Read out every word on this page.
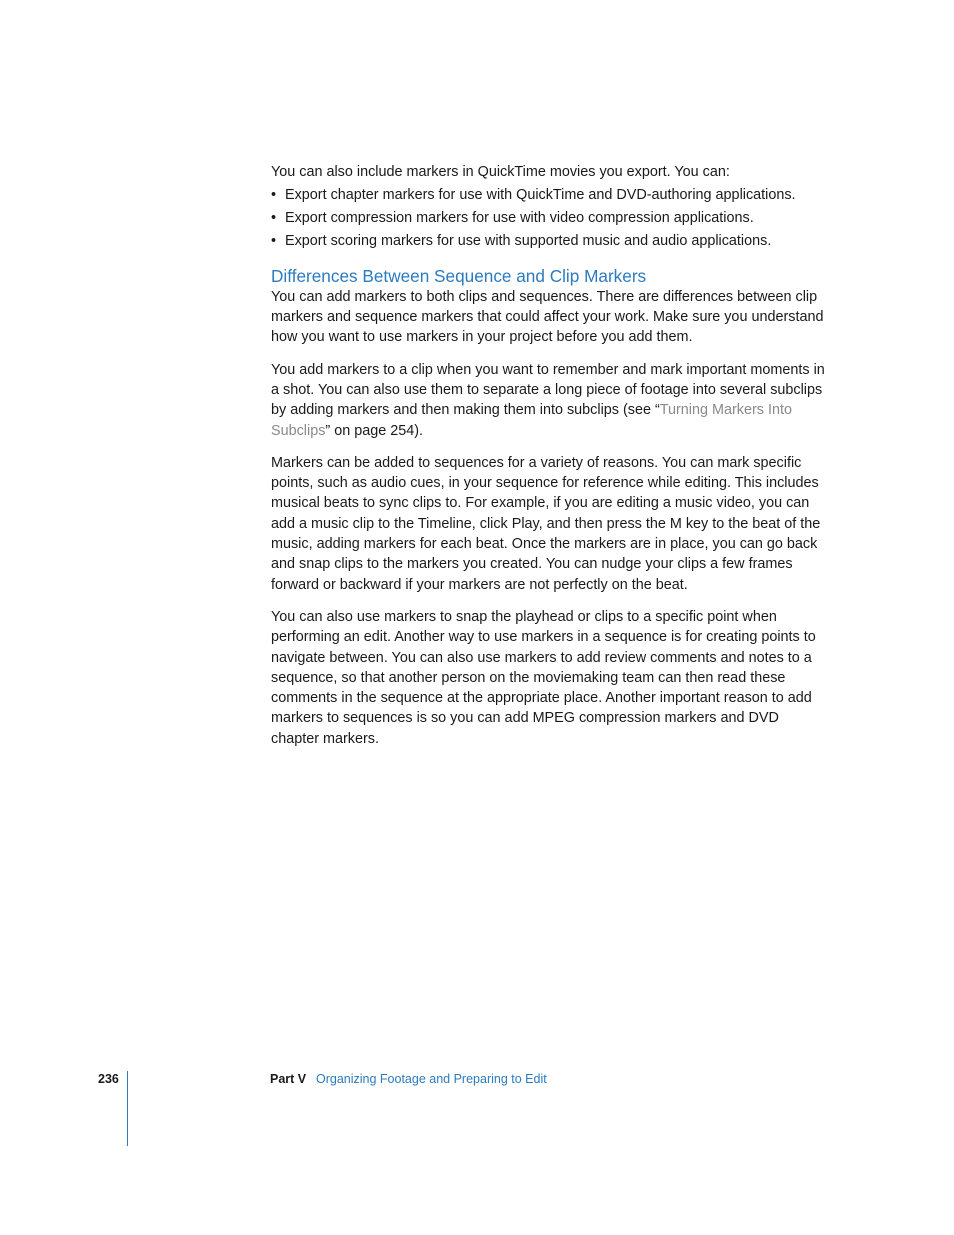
You can also include markers in QuickTime movies you export. You can:

• Export chapter markers for use with QuickTime and DVD-authoring applications.
• Export compression markers for use with video compression applications.
• Export scoring markers for use with supported music and audio applications.
Differences Between Sequence and Clip Markers

You can add markers to both clips and sequences. There are differences between clip markers and sequence markers that could affect your work. Make sure you understand how you want to use markers in your project before you add them.

You add markers to a clip when you want to remember and mark important moments in a shot. You can also use them to separate a long piece of footage into several subclips by adding markers and then making them into subclips (see “Turning Markers Into Subclips” on page 254).

Markers can be added to sequences for a variety of reasons. You can mark specific points, such as audio cues, in your sequence for reference while editing. This includes musical beats to sync clips to. For example, if you are editing a music video, you can add a music clip to the Timeline, click Play, and then press the M key to the beat of the music, adding markers for each beat. Once the markers are in place, you can go back and snap clips to the markers you created. You can nudge your clips a few frames forward or backward if your markers are not perfectly on the beat.

You can also use markers to snap the playhead or clips to a specific point when performing an edit. Another way to use markers in a sequence is for creating points to navigate between. You can also use markers to add review comments and notes to a sequence, so that another person on the moviemaking team can then read these comments in the sequence at the appropriate place. Another important reason to add markers to sequences is so you can add MPEG compression markers and DVD chapter markers.

236	Part V Organizing Footage and Preparing to Edit
